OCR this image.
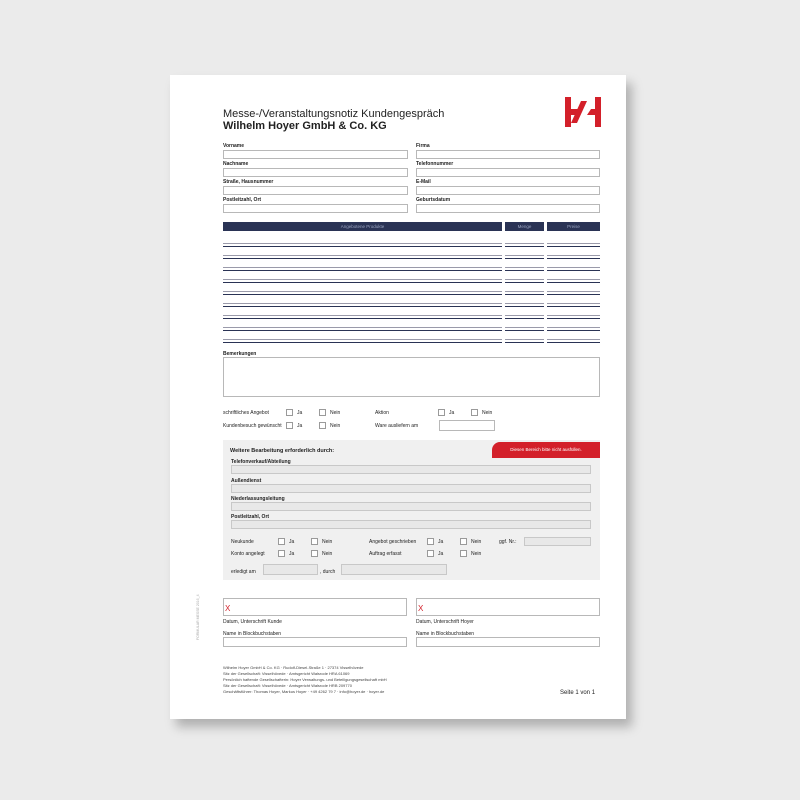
Messe-/Veranstaltungsnotiz Kundengespräch
Wilhelm Hoyer GmbH & Co. KG
Vorname	Firma
Nachname	Telefonnummer
Straße, Hausnummer	E-Mail
Postleitzahl, Ort	Geburtsdatum
Angebotene Produkte	Menge	Preise
Bemerkungen
schriftliches Angebot	Ja	Nein	Aktion	Ja	Nein
Kundenbesuch gewünscht	Ja	Nein	Ware ausliefern am
Diesen Bereich bitte nicht ausfüllen.
Weitere Bearbeitung erforderlich durch:
Telefonverkauf/Abteilung
Außendienst
Niederlassungsleitung
Postleitzahl, Ort
Neukunde	Ja	Nein	Angebot geschrieben	Ja	Nein	ggf. Nr.:
Konto angelegt	Ja	Nein	Auftrag erfasst	Ja	Nein
erledigt am	, durch
X
Datum, Unterschrift Kunde
X
Datum, Unterschrift Hoyer
Name in Blockbuchstaben	Name in Blockbuchstaben
Wilhelm Hoyer GmbH & Co. KG · Rudolf-Diesel-Straße 1 · 27374 Visselhövede
Sitz der Gesellschaft: Visselhövede · Amtsgericht Walsrode HRA 61069
Persönlich haftende Gesellschafterin: Hoyer Verwaltungs- und Beteiligungsgesellschaft mbH
Sitz der Gesellschaft: Visselhövede · Amtsgericht Walsrode HRB 209770
Geschäftsführer: Thomas Hoyer, Markus Hoyer · +49 4262 79 7 · info@hoyer.de · hoyer.de	Seite 1 von 1
FORMULAR MESSE 2016_4
